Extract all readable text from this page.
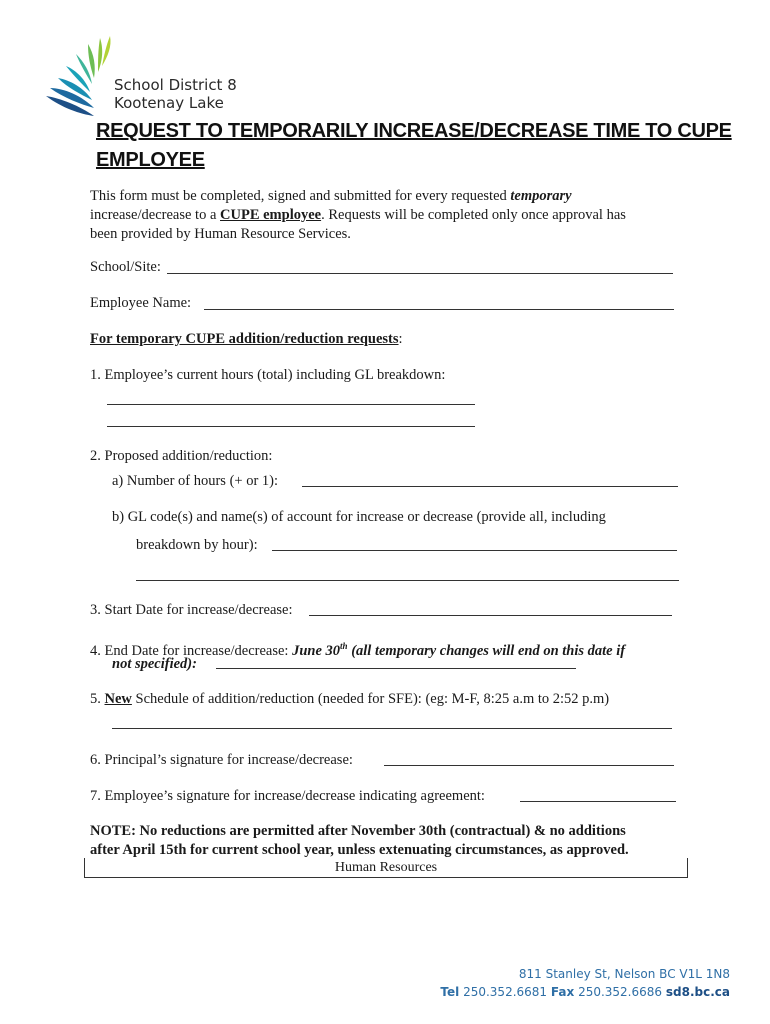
School District 8
Kootenay Lake
REQUEST TO TEMPORARILY INCREASE/DECREASE TIME TO CUPE
EMPLOYEE
This form must be completed, signed and submitted for every requested temporary
increase/decrease to a CUPE employee. Requests will be completed only once approval has
been provided by Human Resource Services.
School/Site:
Employee Name:
For temporary CUPE addition/reduction requests:
1. Employee’s current hours (total) including GL breakdown:
2. Proposed addition/reduction:
a) Number of hours (+ or 1):
b) GL code(s) and name(s) of account for increase or decrease (provide all, including
breakdown by hour):
3. Start Date for increase/decrease:
4. End Date for increase/decrease: June 30th (all temporary changes will end on this date if
not specified):
5. New Schedule of addition/reduction (needed for SFE): (eg: M-F, 8:25 a.m to 2:52 p.m)
6. Principal’s signature for increase/decrease:
7. Employee’s signature for increase/decrease indicating agreement:
NOTE: No reductions are permitted after November 30th (contractual) & no additions
after April 15th for current school year, unless extenuating circumstances, as approved.
Human Resources
811 Stanley St, Nelson BC V1L 1N8
Tel 250.352.6681 Fax 250.352.6686 sd8.bc.ca
